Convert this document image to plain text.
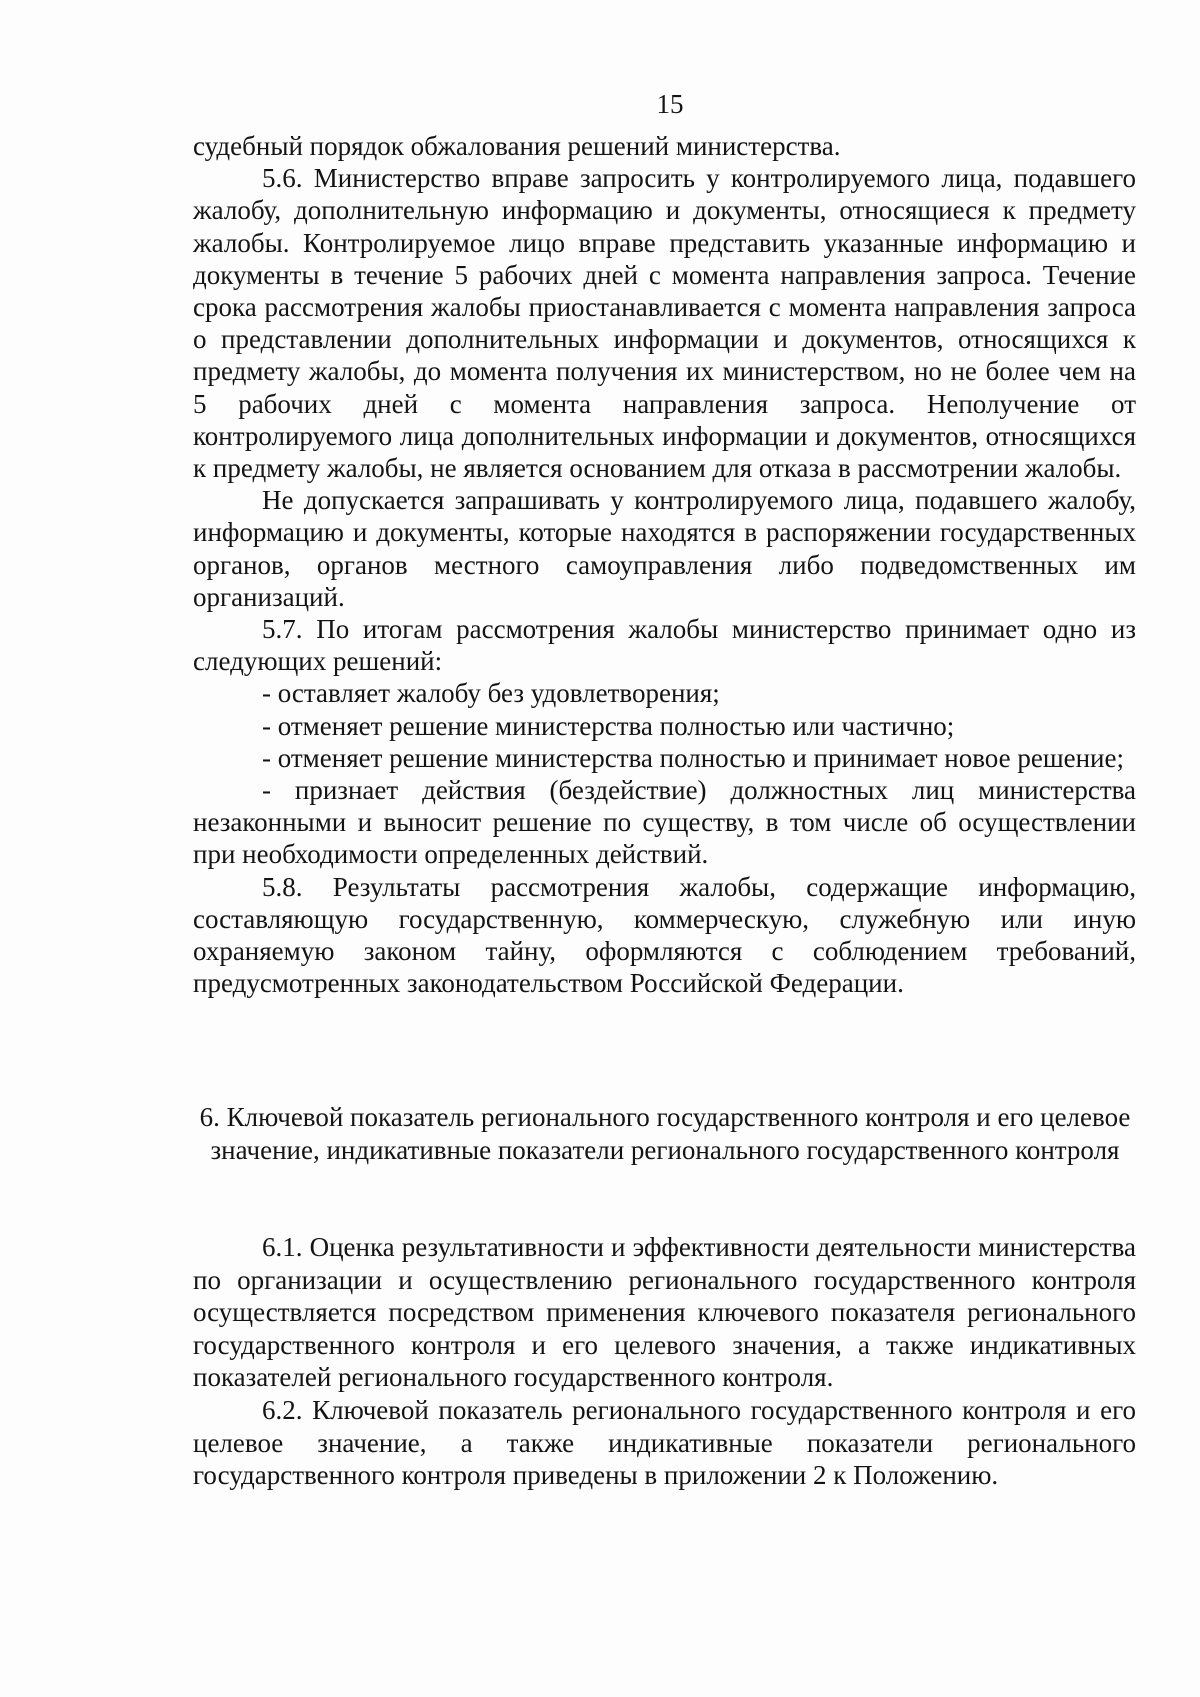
15

судебный порядок обжалования решений министерства.

5.6. Министерство вправе запросить у контролируемого лица, подавшего жалобу, дополнительную информацию и документы, относящиеся к предмету жалобы. Контролируемое лицо вправе представить указанные информацию и документы в течение 5 рабочих дней с момента направления запроса. Течение срока рассмотрения жалобы приостанавливается с момента направления запроса о представлении дополнительных информации и документов, относящихся к предмету жалобы, до момента получения их министерством, но не более чем на 5 рабочих дней с момента направления запроса. Неполучение от контролируемого лица дополнительных информации и документов, относящихся к предмету жалобы, не является основанием для отказа в рассмотрении жалобы.

Не допускается запрашивать у контролируемого лица, подавшего жалобу, информацию и документы, которые находятся в распоряжении государственных органов, органов местного самоуправления либо подведомственных им организаций.

5.7. По итогам рассмотрения жалобы министерство принимает одно из следующих решений:

- оставляет жалобу без удовлетворения;

- отменяет решение министерства полностью или частично;

- отменяет решение министерства полностью и принимает новое решение;

- признает действия (бездействие) должностных лиц министерства незаконными и выносит решение по существу, в том числе об осуществлении при необходимости определенных действий.

5.8. Результаты рассмотрения жалобы, содержащие информацию, составляющую государственную, коммерческую, служебную или иную охраняемую законом тайну, оформляются с соблюдением требований, предусмотренных законодательством Российской Федерации.

6. Ключевой показатель регионального государственного контроля и его целевое значение, индикативные показатели регионального государственного контроля

6.1. Оценка результативности и эффективности деятельности министерства по организации и осуществлению регионального государственного контроля осуществляется посредством применения ключевого показателя регионального государственного контроля и его целевого значения, а также индикативных показателей регионального государственного контроля.

6.2. Ключевой показатель регионального государственного контроля и его целевое значение, а также индикативные показатели регионального государственного контроля приведены в приложении 2 к Положению.
